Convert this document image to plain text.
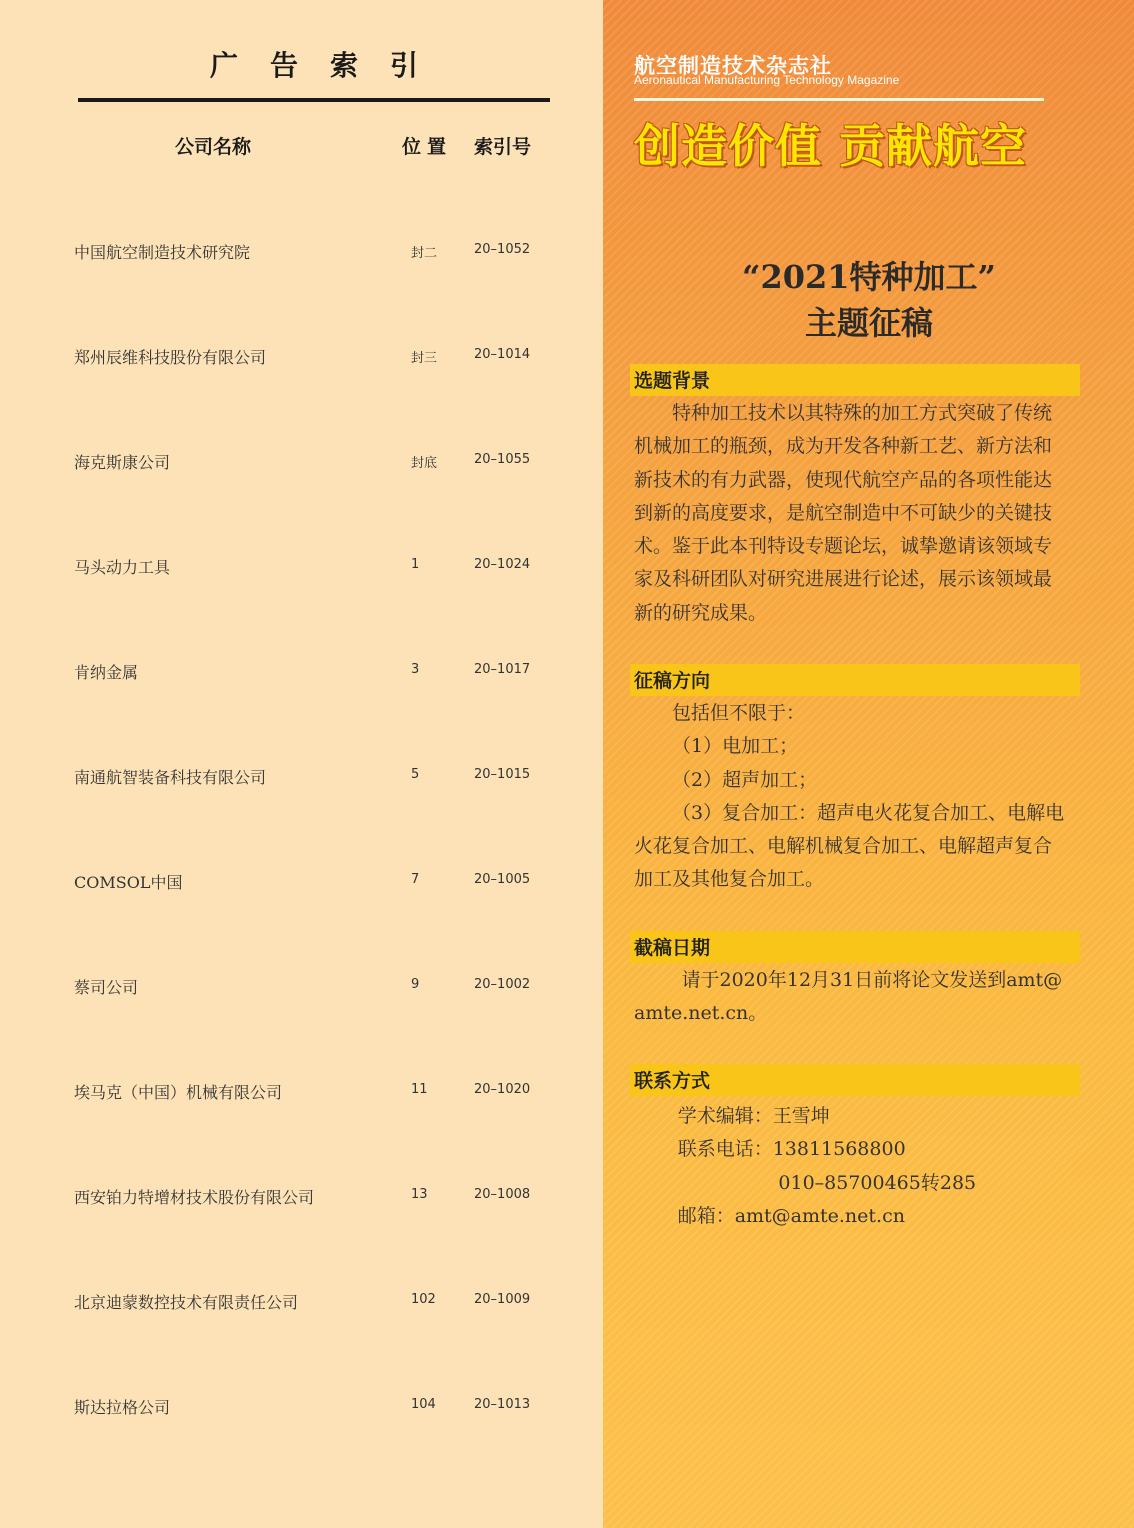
广告索引
公司名称	位置 索引号
中国航空制造技术研究院	封二	20–1052
郑州辰维科技股份有限公司	封三	20–1014
海克斯康公司	封底	20–1055
马头动力工具	1	20–1024
肯纳金属	3	20–1017
南通航智装备科技有限公司	5	20–1015
COMSOL中国	7	20–1005
蔡司公司	9	20–1002
埃马克（中国）机械有限公司	11	20–1020
西安铂力特增材技术股份有限公司	13	20–1008
北京迪蒙数控技术有限责任公司	102	20–1009
斯达拉格公司	104	20–1013
航空制造技术杂志社
Aeronautical Manufacturing Technology Magazine
创造价值 贡献航空
“2021特种加工”
主题征稿
选题背景
特种加工技术以其特殊的加工方式突破了传统
机械加工的瓶颈，成为开发各种新工艺、新方法和
新技术的有力武器，使现代航空产品的各项性能达
到新的高度要求，是航空制造中不可缺少的关键技
术。鉴于此本刊特设专题论坛，诚挚邀请该领域专
家及科研团队对研究进展进行论述，展示该领域最
新的研究成果。
征稿方向
包括但不限于：
（1）电加工；
（2）超声加工；
（3）复合加工：超声电火花复合加工、电解电
火花复合加工、电解机械复合加工、电解超声复合
加工及其他复合加工。
截稿日期
请于2020年12月31日前将论文发送到amt@
amte.net.cn。
联系方式
学术编辑：王雪坤
联系电话：13811568800
010–85700465转285
邮箱：amt@amte.net.cn
